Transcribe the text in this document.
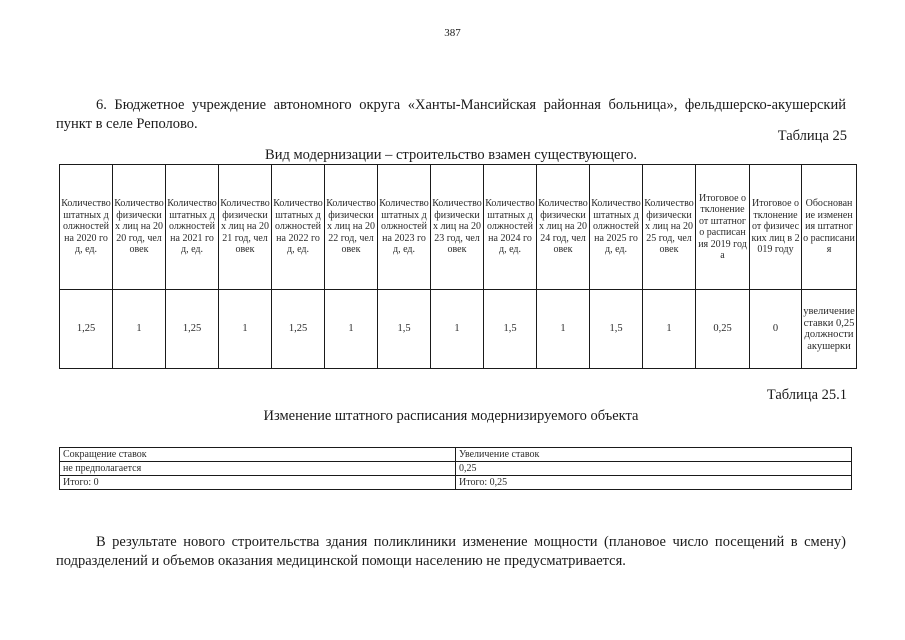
387
6. Бюджетное учреждение автономного округа «Ханты-Мансийская районная больница», фельдшерско-акушерский пункт в селе Реполово.
Таблица 25
Вид модернизации – строительство взамен существующего.
Количество штатных должностей на 2020 год, ед.	Количество физических лиц на 2020 год, человек	Количество штатных должностей на 2021 год, ед.	Количество физических лиц на 2021 год, человек	Количество штатных должностей на 2022 год, ед.	Количество физических лиц на 2022 год, человек	Количество штатных должностей на 2023 год, ед.	Количество физических лиц на 2023 год, человек	Количество штатных должностей на 2024 год, ед.	Количество физических лиц на 2024 год, человек	Количество штатных должностей на 2025 год, ед.	Количество физических лиц на 2025 год, человек	Итоговое отклонение от штатного расписания 2019 года	Итоговое отклонение от физических лиц в 2019 году	Обоснование изменения штатного расписания
1,25	1	1,25	1	1,25	1	1,5	1	1,5	1	1,5	1	0,25	0	увеличение ставки 0,25 должности акушерки
Таблица 25.1
Изменение штатного расписания модернизируемого объекта
Сокращение ставок	Увеличение ставок
не предполагается	0,25
Итого: 0	Итого: 0,25
В результате нового строительства здания поликлиники изменение мощности (плановое число посещений в смену) подразделений и объемов оказания медицинской помощи населению не предусматривается.
